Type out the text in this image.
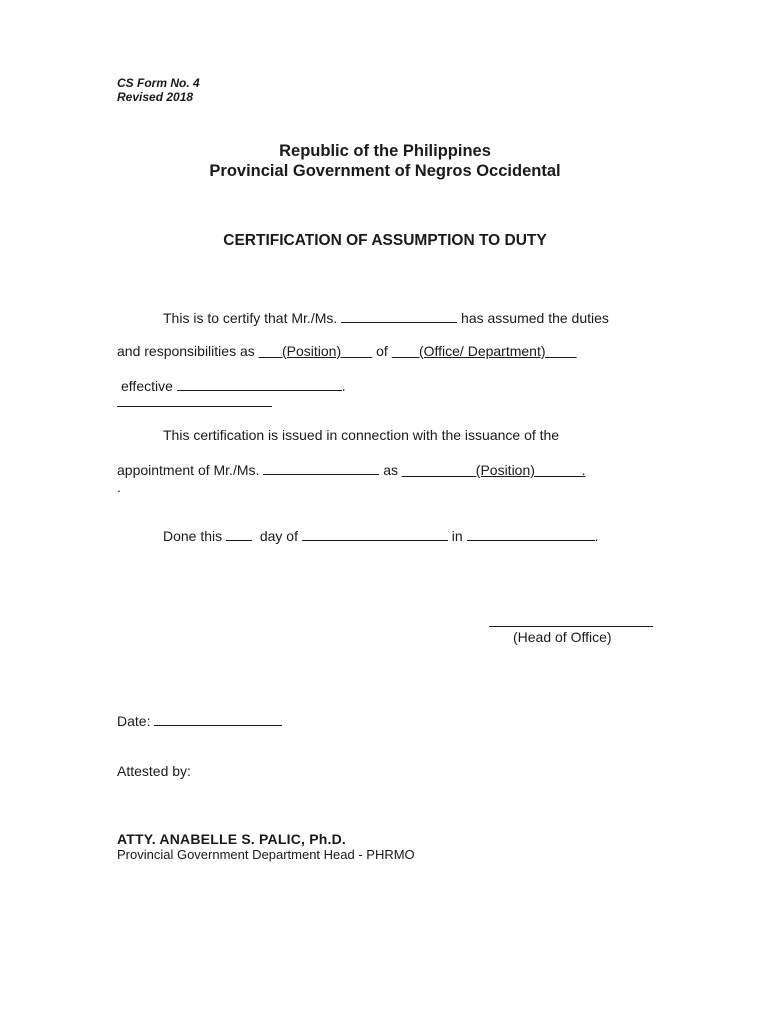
CS Form No. 4
Revised 2018
Republic of the Philippines
Provincial Government of Negros Occidental
CERTIFICATION OF ASSUMPTION TO DUTY
This is to certify that Mr./Ms.	has assumed the duties
and responsibilities as (Position)	of (Office/ Department)
effective	.
This certification is issued in connection with the issuance of the
appointment of Mr./Ms.	as	(Position)	.
.
Done this	day of	in	.
(Head of Office)
Date:
Attested by:
ATTY. ANABELLE S. PALIC, Ph.D.
Provincial Government Department Head - PHRMO
